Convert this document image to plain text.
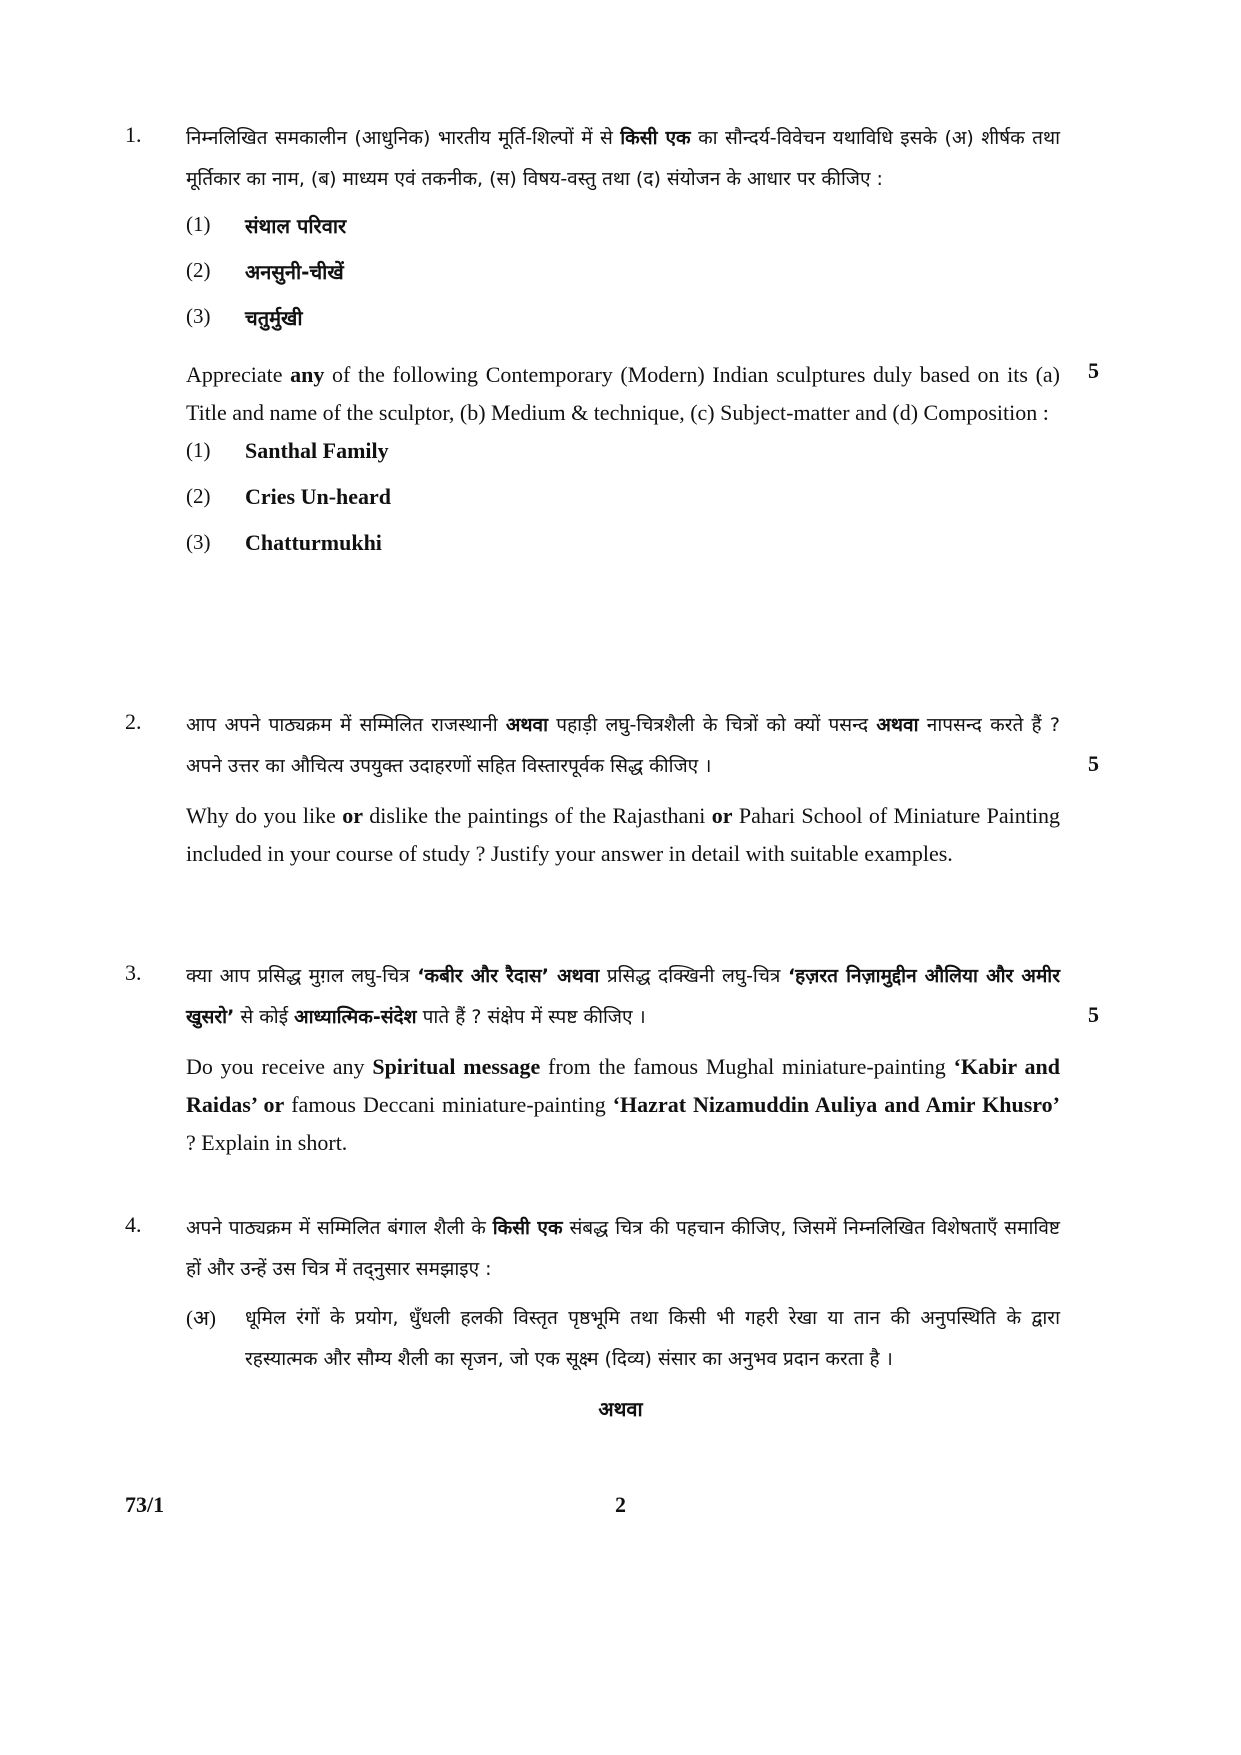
1. निम्नलिखित समकालीन (आधुनिक) भारतीय मूर्ति-शिल्पों में से किसी एक का सौन्दर्य-विवेचन यथाविधि इसके (अ) शीर्षक तथा मूर्तिकार का नाम, (ब) माध्यम एवं तकनीक, (स) विषय-वस्तु तथा (द) संयोजन के आधार पर कीजिए :

(1) संथाल परिवार
(2) अनसुनी-चीखें
(3) चतुर्मुखी

Appreciate any of the following Contemporary (Modern) Indian sculptures duly based on its (a) Title and name of the sculptor, (b) Medium & technique, (c) Subject-matter and (d) Composition :

(1) Santhal Family
(2) Cries Un-heard
(3) Chatturmukhi
5
2. आप अपने पाठ्यक्रम में सम्मिलित राजस्थानी अथवा पहाड़ी लघु-चित्रशैली के चित्रों को क्यों पसन्द अथवा नापसन्द करते हैं ? अपने उत्तर का औचित्य उपयुक्त उदाहरणों सहित विस्तारपूर्वक सिद्ध कीजिए ।

Why do you like or dislike the paintings of the Rajasthani or Pahari School of Miniature Painting included in your course of study ? Justify your answer in detail with suitable examples.

5
3. क्या आप प्रसिद्ध मुग़ल लघु-चित्र ‘कबीर और रैदास’ अथवा प्रसिद्ध दक्खिनी लघु-चित्र ‘हज़रत निज़ामुद्दीन औलिया और अमीर खुसरो’ से कोई आध्यात्मिक-संदेश पाते हैं ? संक्षेप में स्पष्ट कीजिए ।

Do you receive any Spiritual message from the famous Mughal miniature-painting ‘Kabir and Raidas’ or famous Deccani miniature-painting ‘Hazrat Nizamuddin Auliya and Amir Khusro’ ? Explain in short.

5
4. अपने पाठ्यक्रम में सम्मिलित बंगाल शैली के किसी एक संबद्ध चित्र की पहचान कीजिए, जिसमें निम्नलिखित विशेषताएँ समाविष्ट हों और उन्हें उस चित्र में तद्नुसार समझाइए :

(अ) धूमिल रंगों के प्रयोग, धुँधली हलकी विस्तृत पृष्ठभूमि तथा किसी भी गहरी रेखा या तान की अनुपस्थिति के द्वारा रहस्यात्मक और सौम्य शैली का सृजन, जो एक सूक्ष्म (दिव्य) संसार का अनुभव प्रदान करता है ।

अथवा
73/1	2
